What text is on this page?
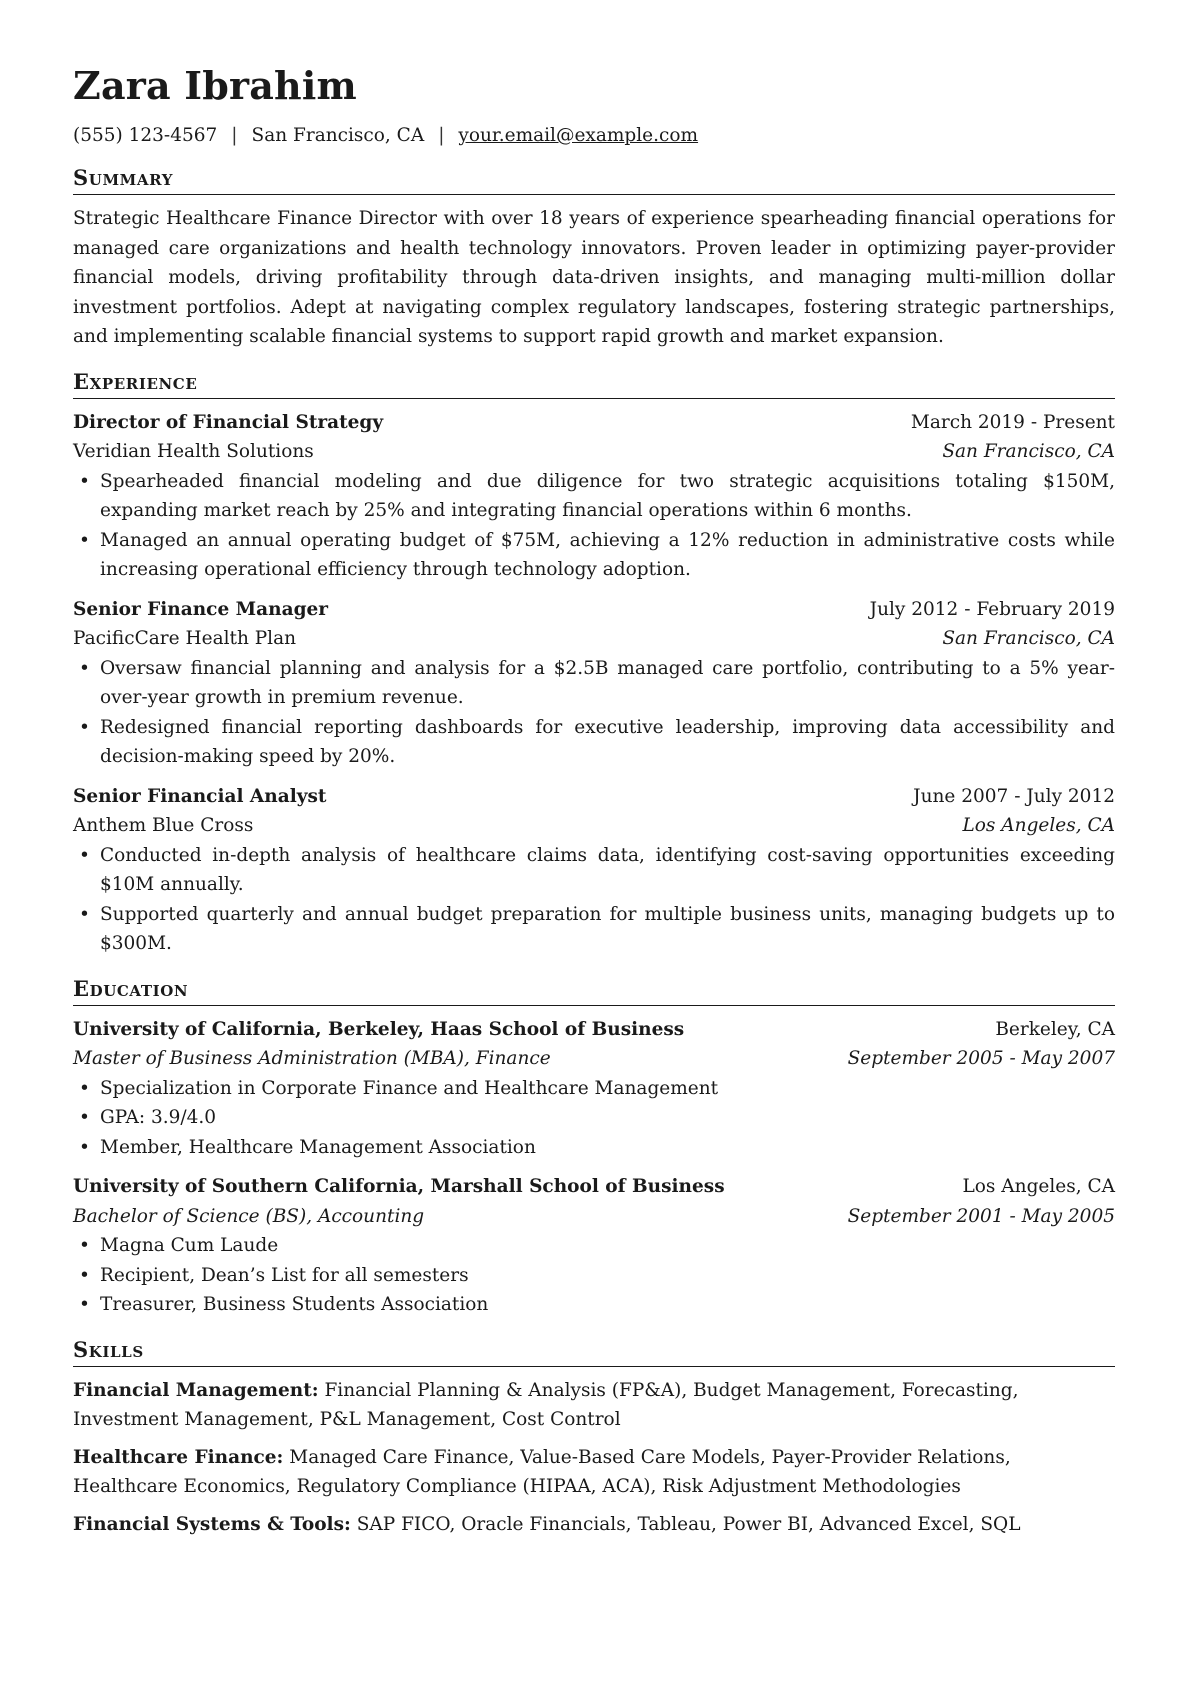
Zara Ibrahim
(555) 123-4567 | San Francisco, CA | your.email@example.com
Summary
Strategic Healthcare Finance Director with over 18 years of experience spearheading financial operations for managed care organizations and health technology innovators. Proven leader in optimizing payer-provider financial models, driving profitability through data-driven insights, and managing multi-million dollar investment portfolios. Adept at navigating complex regulatory landscapes, fostering strategic partnerships, and implementing scalable financial systems to support rapid growth and market expansion.
Experience
Director of Financial Strategy	March 2019 - Present
Veridian Health Solutions	San Francisco, CA
• Spearheaded financial modeling and due diligence for two strategic acquisitions totaling $150M, expanding market reach by 25% and integrating financial operations within 6 months.
• Managed an annual operating budget of $75M, achieving a 12% reduction in administrative costs while increasing operational efficiency through technology adoption.
Senior Finance Manager	July 2012 - February 2019
PacificCare Health Plan	San Francisco, CA
• Oversaw financial planning and analysis for a $2.5B managed care portfolio, contributing to a 5% year-over-year growth in premium revenue.
• Redesigned financial reporting dashboards for executive leadership, improving data accessibility and decision-making speed by 20%.
Senior Financial Analyst	June 2007 - July 2012
Anthem Blue Cross	Los Angeles, CA
• Conducted in-depth analysis of healthcare claims data, identifying cost-saving opportunities exceeding $10M annually.
• Supported quarterly and annual budget preparation for multiple business units, managing budgets up to $300M.
Education
University of California, Berkeley, Haas School of Business	Berkeley, CA
Master of Business Administration (MBA), Finance	September 2005 - May 2007
• Specialization in Corporate Finance and Healthcare Management
• GPA: 3.9/4.0
• Member, Healthcare Management Association
University of Southern California, Marshall School of Business	Los Angeles, CA
Bachelor of Science (BS), Accounting	September 2001 - May 2005
• Magna Cum Laude
• Recipient, Dean’s List for all semesters
• Treasurer, Business Students Association
Skills
Financial Management: Financial Planning & Analysis (FP&A), Budget Management, Forecasting, Investment Management, P&L Management, Cost Control
Healthcare Finance: Managed Care Finance, Value-Based Care Models, Payer-Provider Relations, Healthcare Economics, Regulatory Compliance (HIPAA, ACA), Risk Adjustment Methodologies
Financial Systems & Tools: SAP FICO, Oracle Financials, Tableau, Power BI, Advanced Excel, SQL
